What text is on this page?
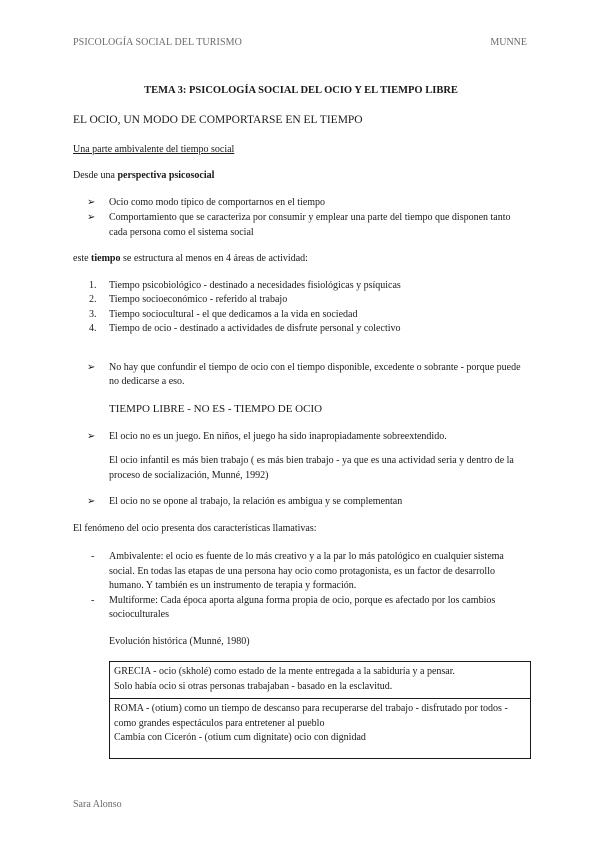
PSICOLOGÍA SOCIAL DEL TURISMO	MUNNE
TEMA 3: PSICOLOGÍA SOCIAL DEL OCIO Y EL TIEMPO LIBRE
EL OCIO, UN MODO DE COMPORTARSE EN EL TIEMPO
Una parte ambivalente del tiempo social

Desde una perspectiva psicosocial

➢ Ocio como modo típico de comportarnos en el tiempo
➢ Comportamiento que se caracteriza por consumir y emplear una parte del tiempo que disponen tanto cada persona como el sistema social

este tiempo se estructura al menos en 4 áreas de actividad:

1. Tiempo psicobiológico - destinado a necesidades fisiológicas y psíquicas
2. Tiempo socioeconómico - referido al trabajo
3. Tiempo sociocultural - el que dedicamos a la vida en sociedad
4. Tiempo de ocio - destinado a actividades de disfrute personal y colectivo
➢ No hay que confundir el tiempo de ocio con el tiempo disponible, excedente o sobrante - porque puede no dedicarse a eso.

TIEMPO LIBRE - NO ES - TIEMPO DE OCIO

➢ El ocio no es un juego. En niños, el juego ha sido inapropiadamente sobreextendido.

El ocio infantil es más bien trabajo ( es más bien trabajo - ya que es una actividad seria y dentro de la proceso de socialización, Munné, 1992)

➢ El ocio no se opone al trabajo, la relación es ambigua y se complementan

El fenómeno del ocio presenta dos características llamativas:

- Ambivalente: el ocio es fuente de lo más creativo y a la par lo más patológico en cualquier sistema social. En todas las etapas de una persona hay ocio como protagonista, es un factor de desarrollo humano. Y también es un instrumento de terapia y formación.
- Multiforme: Cada época aporta alguna forma propia de ocio, porque es afectado por los cambios socioculturales

Evolución histórica (Munné, 1980)

GRECIA - ocio (skholé) como estado de la mente entregada a la sabiduría y a pensar.
Solo había ocio si otras personas trabajaban - basado en la esclavitud.
ROMA - (otium) como un tiempo de descanso para recuperarse del trabajo - disfrutado por todos - como grandes espectáculos para entretener al pueblo
Cambia con Cicerón - (otium cum dignitate) ocio con dignidad
Sara Alonso
